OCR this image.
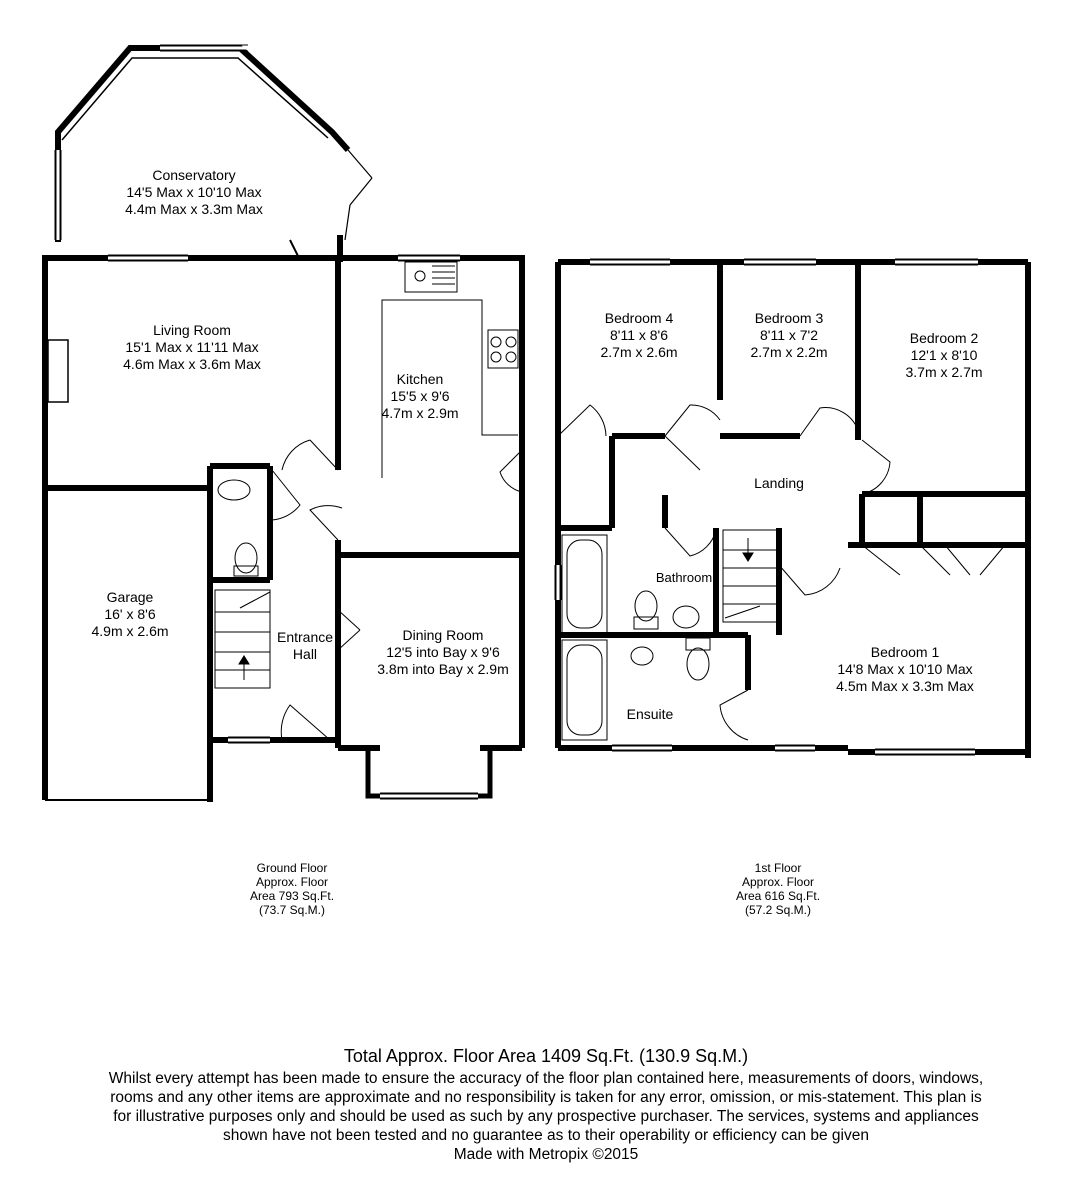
Conservatory
14'5 Max x 10'10 Max
4.4m Max x 3.3m Max
Living Room
15'1 Max x 11'11 Max
4.6m Max x 3.6m Max
Kitchen
15'5 x 9'6
4.7m x 2.9m
Garage
16' x 8'6
4.9m x 2.6m	Entrance
Hall
Dining Room
12'5 into Bay x 9'6
3.8m into Bay x 2.9m
Bedroom 4
8'11 x 8'6
2.7m x 2.6m
Bedroom 3
8'11 x 7'2
2.7m x 2.2m
Bedroom 2
12'1 x 8'10
3.7m x 2.7m
Landing
Bathroom
Ensuite
Bedroom 1
14'8 Max x 10'10 Max
4.5m Max x 3.3m Max
Ground Floor
Approx. Floor
Area 793 Sq.Ft.
(73.7 Sq.M.)
1st Floor
Approx. Floor
Area 616 Sq.Ft.
(57.2 Sq.M.)
Total Approx. Floor Area 1409 Sq.Ft. (130.9 Sq.M.)
Whilst every attempt has been made to ensure the accuracy of the floor plan contained here, measurements of doors, windows, rooms and any other items are approximate and no responsibility is taken for any error, omission, or mis-statement. This plan is for illustrative purposes only and should be used as such by any prospective purchaser. The services, systems and appliances shown have not been tested and no guarantee as to their operability or efficiency can be given
Made with Metropix ©2015
